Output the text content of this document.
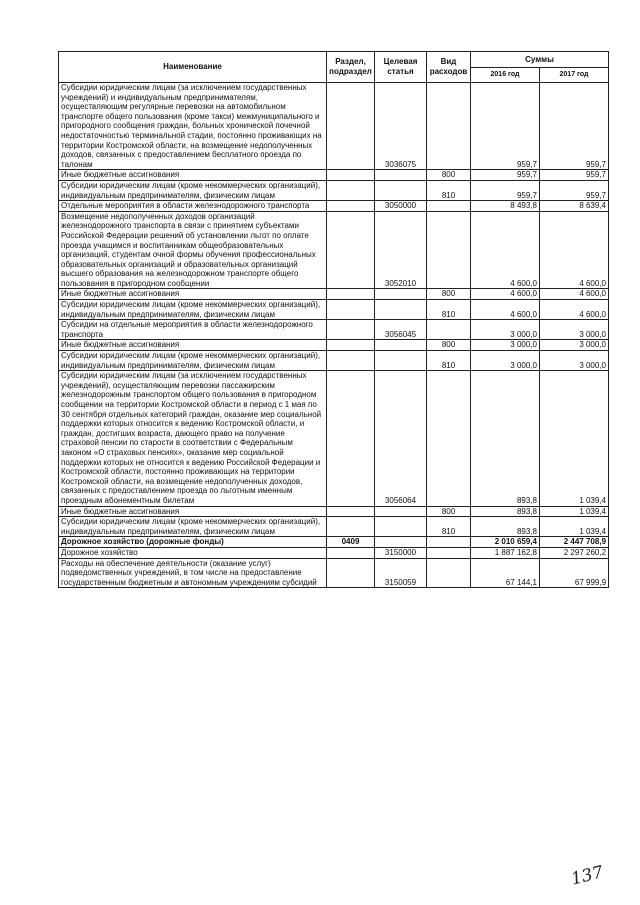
Наименование	Раздел, подраздел	Целевая статья	Вид расходов	Суммы	
				2016 год	2017 год
Субсидии юридическим лицам (за исключением государственных учреждений) и индивидуальным предпринимателям, осуществляющим регулярные перевозки на автомобильном транспорте общего пользования (кроме такси) межмуниципального и пригородного сообщения граждан, больных хронической почечной недостаточностью терминальной стадии, постоянно проживающих на территории Костромской области, на возмещение недополученных доходов, связанных с предоставлением бесплатного проезда по талонам		3036075		959,7	959,7
Иные бюджетные ассигнования			800	959,7	959,7
Субсидии юридическим лицам (кроме некоммерческих организаций), индивидуальным предпринимателям, физическим лицам			810	959,7	959,7
Отдельные мероприятия в области железнодорожного транспорта		3050000		8 493,8	8 639,4
Возмещение недополученных доходов организаций железнодорожного транспорта в связи с принятием субъектами Российской Федерации решений об установлении льгот по оплате проезда учащимся и воспитанникам общеобразовательных организаций, студентам очной формы обучения профессиональных образовательных организаций и образовательных организаций высшего образования на железнодорожном транспорте общего пользования в пригородном сообщении		3052010		4 600,0	4 600,0
Иные бюджетные ассигнования			800	4 600,0	4 600,0
Субсидии юридическим лицам (кроме некоммерческих организаций), индивидуальным предпринимателям, физическим лицам			810	4 600,0	4 600,0
Субсидии на отдельные мероприятия в области железнодорожного транспорта		3056045		3 000,0	3 000,0
Иные бюджетные ассигнования			800	3 000,0	3 000,0
Субсидии юридическим лицам (кроме некоммерческих организаций), индивидуальным предпринимателям, физическим лицам			810	3 000,0	3 000,0
Субсидии юридическим лицам (за исключением государственных учреждений), осуществляющим перевозки пассажирским железнодорожным транспортом общего пользования в пригородном сообщении на территории Костромской области в период с 1 мая по 30 сентября отдельных категорий граждан, оказание мер социальной поддержки которых относится к ведению Костромской области, и граждан, достигших возраста, дающего право на получение страховой пенсии по старости в соответствии с Федеральным законом «О страховых пенсиях», оказание мер социальной поддержки которых не относится к ведению Российской Федерации и Костромской области, постоянно проживающих на территории Костромской области, на возмещение недополученных доходов, связанных с предоставлением проезда по льготным именным проездным абонементным билетам		3056064		893,8	1 039,4
Иные бюджетные ассигнования			800	893,8	1 039,4
Субсидии юридическим лицам (кроме некоммерческих организаций), индивидуальным предпринимателям, физическим лицам			810	893,8	1 039,4
Дорожное хозяйство (дорожные фонды)	0409			2 010 659,4	2 447 708,9
Дорожное хозяйство		3150000		1 887 162,8	2 297 260,2
Расходы на обеспечение деятельности (оказание услуг) подведомственных учреждений, в том числе на предоставление государственным бюджетным и автономным учреждениям субсидий		3150059		67 144,1	67 999,9
137
